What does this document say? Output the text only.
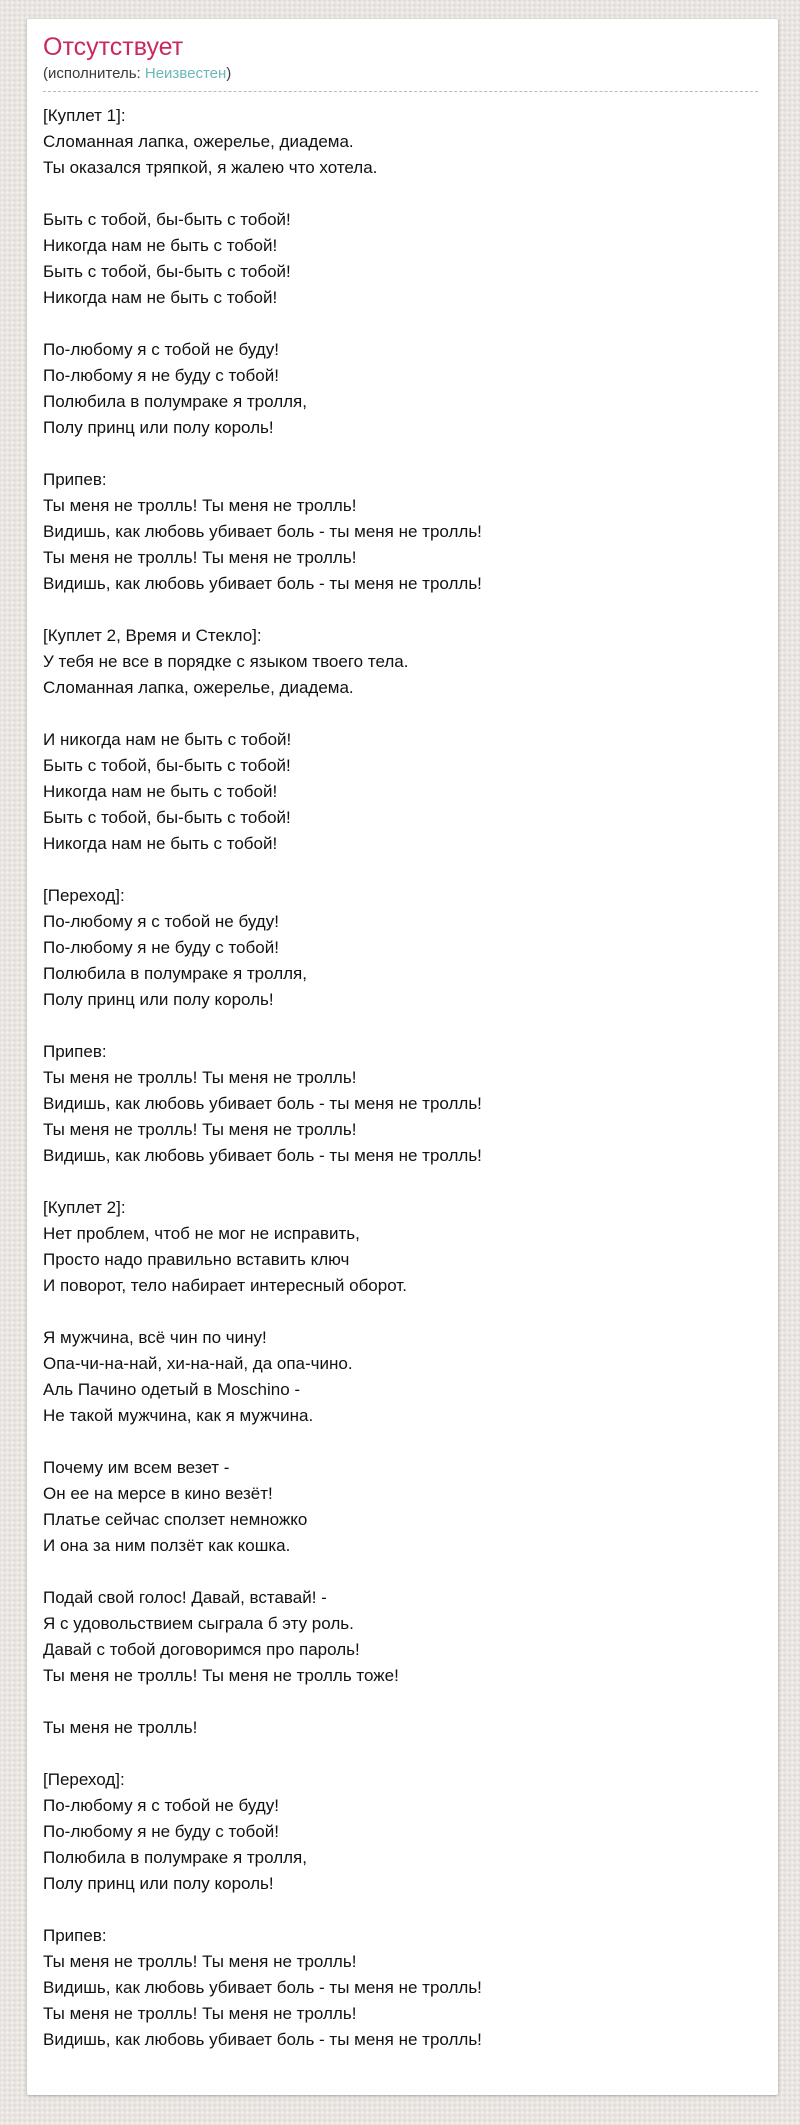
Отсутствует
(исполнитель: Неизвестен)

[Куплет 1]:
Сломанная лапка, ожерелье, диадема.
Ты оказался тряпкой, я жалею что хотела.

Быть с тобой, бы-быть с тобой!
Никогда нам не быть с тобой!
Быть с тобой, бы-быть с тобой!
Никогда нам не быть с тобой!

По-любому я с тобой не буду!
По-любому я не буду с тобой!
Полюбила в полумраке я тролля,
Полу принц или полу король!

Припев:
Ты меня не тролль! Ты меня не тролль!
Видишь, как любовь убивает боль - ты меня не тролль!
Ты меня не тролль! Ты меня не тролль!
Видишь, как любовь убивает боль - ты меня не тролль!

[Куплет 2, Время и Стекло]:
У тебя не все в порядке с языком твоего тела.
Сломанная лапка, ожерелье, диадема.

И никогда нам не быть с тобой!
Быть с тобой, бы-быть с тобой!
Никогда нам не быть с тобой!
Быть с тобой, бы-быть с тобой!
Никогда нам не быть с тобой!

[Переход]:
По-любому я с тобой не буду!
По-любому я не буду с тобой!
Полюбила в полумраке я тролля,
Полу принц или полу король!

Припев:
Ты меня не тролль! Ты меня не тролль!
Видишь, как любовь убивает боль - ты меня не тролль!
Ты меня не тролль! Ты меня не тролль!
Видишь, как любовь убивает боль - ты меня не тролль!

[Куплет 2]:
Нет проблем, чтоб не мог не исправить,
Просто надо правильно вставить ключ
И поворот, тело набирает интересный оборот.

Я мужчина, всё чин по чину!
Опа-чи-на-най, хи-на-най, да опа-чино.
Аль Пачино одетый в Moschino -
Не такой мужчина, как я мужчина.

Почему им всем везет -
Он ее на мерсе в кино везёт!
Платье сейчас сползет немножко
И она за ним ползёт как кошка.

Подай свой голос! Давай, вставай! -
Я с удовольствием сыграла б эту роль.
Давай с тобой договоримся про пароль!
Ты меня не тролль! Ты меня не тролль тоже!

Ты меня не тролль!

[Переход]:
По-любому я с тобой не буду!
По-любому я не буду с тобой!
Полюбила в полумраке я тролля,
Полу принц или полу король!

Припев:
Ты меня не тролль! Ты меня не тролль!
Видишь, как любовь убивает боль - ты меня не тролль!
Ты меня не тролль! Ты меня не тролль!
Видишь, как любовь убивает боль - ты меня не тролль!
